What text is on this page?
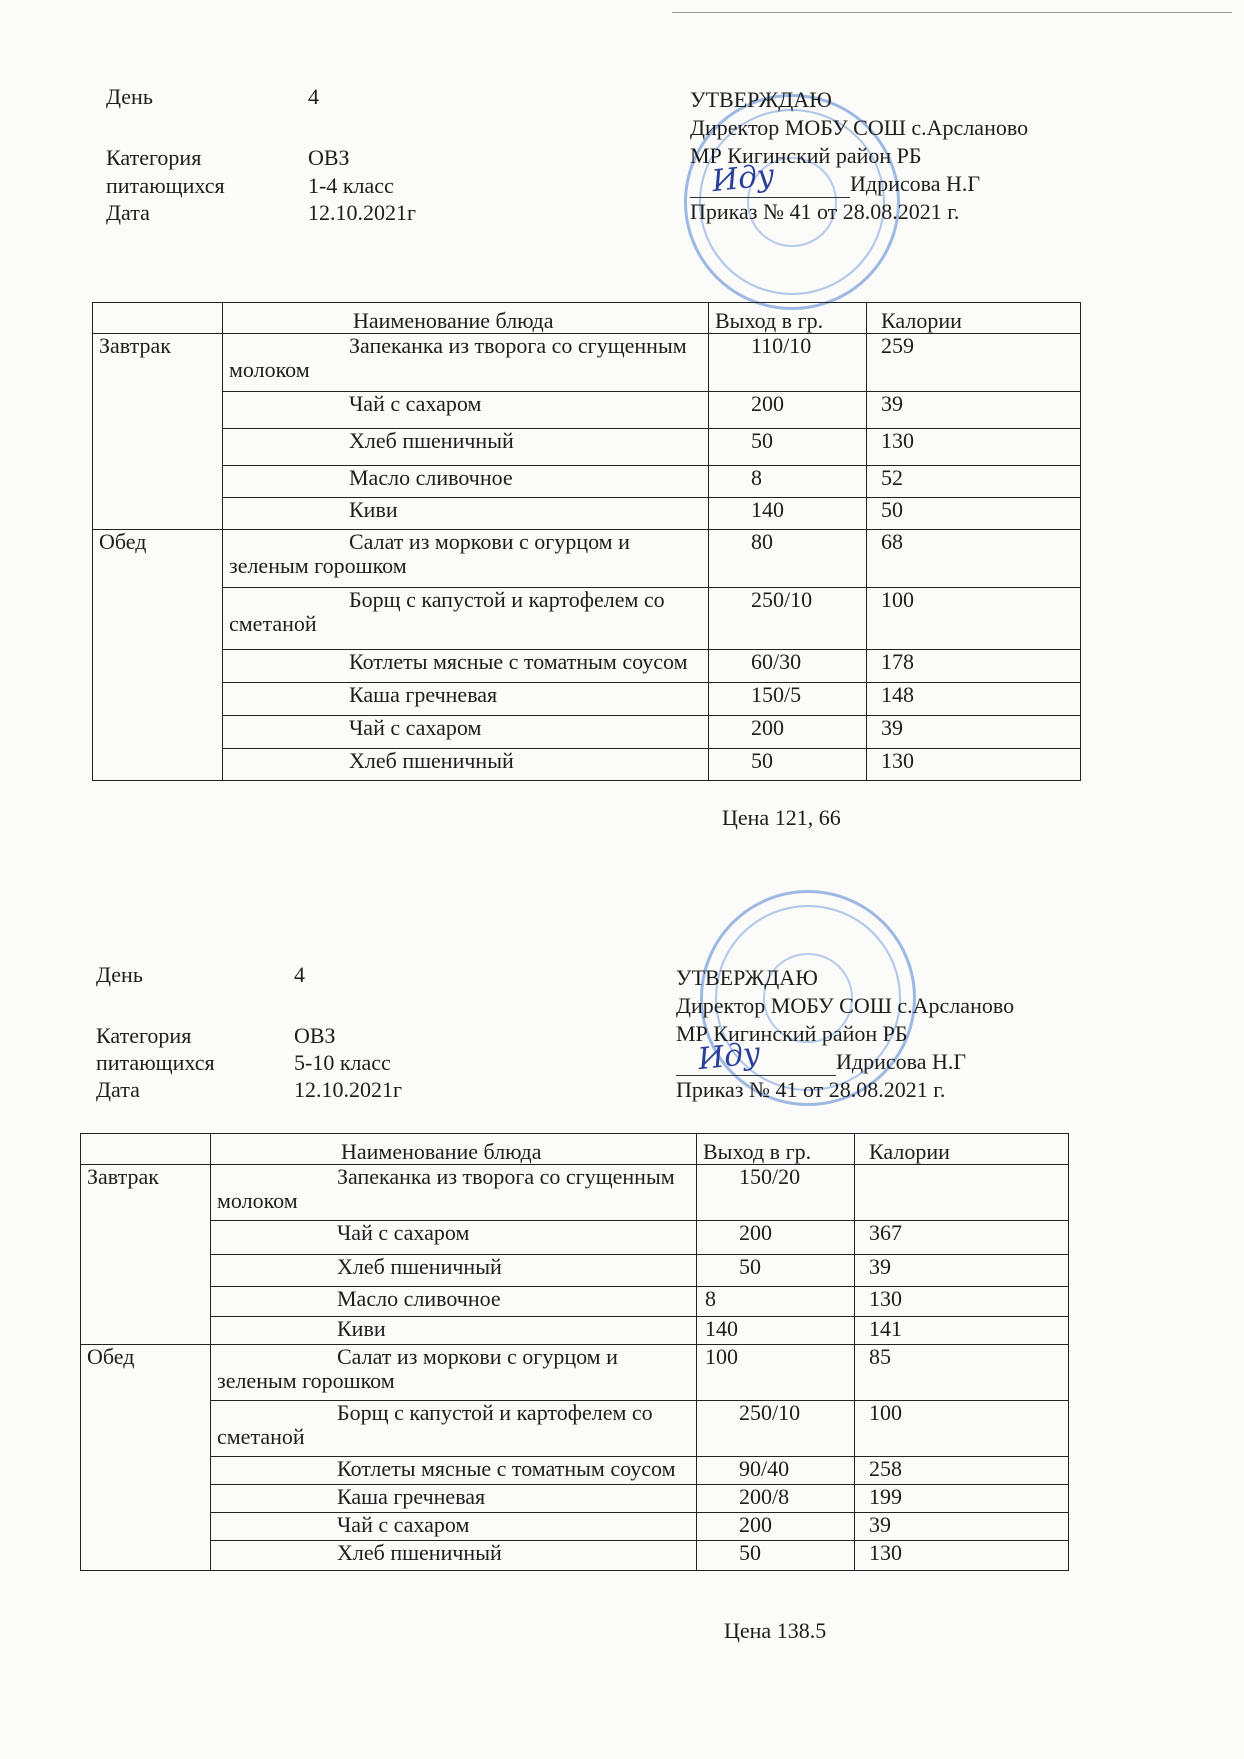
День	4
Категория	ОВЗ
питающихся	1-4 класс
Дата	12.10.2021г
УТВЕРЖДАЮ
Директор МОБУ СОШ с.Арсланово
МР Кигинский район РБ
Иду	Идрисова Н.Г
Приказ № 41 от 28.08.2021 г.
	Наименование блюда	Выход в гр.	Калории
Завтрак	Запеканка из творога со сгущенным молоком	110/10	259
	Чай с сахаром	200	39
	Хлеб пшеничный	50	130
	Масло сливочное	8	52
	Киви	140	50
Обед	Салат из моркови с огурцом и зеленым горошком	80	68
	Борщ с капустой и картофелем со сметаной	250/10	100
	Котлеты мясные с томатным соусом	60/30	178
	Каша гречневая	150/5	148
	Чай с сахаром	200	39
	Хлеб пшеничный	50	130
Цена 121, 66
День	4
Категория	ОВЗ
питающихся	5-10 класс
Дата	12.10.2021г
УТВЕРЖДАЮ
Директор МОБУ СОШ с.Арсланово
МР Кигинский район РБ
Иду	Идрисова Н.Г
Приказ № 41 от 28.08.2021 г.
	Наименование блюда	Выход в гр.	Калории
Завтрак	Запеканка из творога со сгущенным молоком	150/20	
	Чай с сахаром	200	367
	Хлеб пшеничный	50	39
	Масло сливочное	8	130
	Киви	140	141
Обед	Салат из моркови с огурцом и зеленым горошком	100	85
	Борщ с капустой и картофелем со сметаной	250/10	100
	Котлеты мясные с томатным соусом	90/40	258
	Каша гречневая	200/8	199
	Чай с сахаром	200	39
	Хлеб пшеничный	50	130
Цена 138.5
